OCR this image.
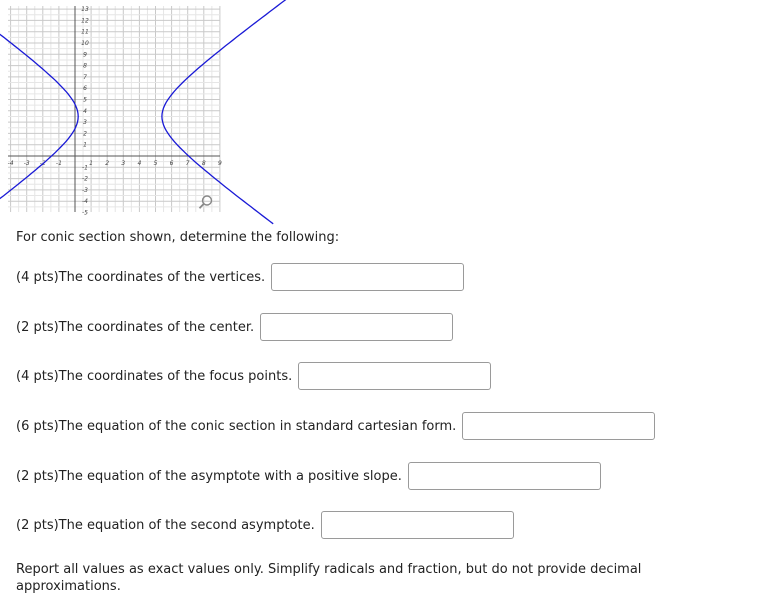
-4 -3 -2 -1	1 2 3 4 5 6 7 8 9
13
12
11
10
9
8
7
6
5
4
3
2
1
-1
-2
-3
-4
-5
For conic section shown, determine the following:
(4 pts)The coordinates of the vertices.
(2 pts)The coordinates of the center.
(4 pts)The coordinates of the focus points.
(6 pts)The equation of the conic section in standard cartesian form.
(2 pts)The equation of the asymptote with a positive slope.
(2 pts)The equation of the second asymptote.
Report all values as exact values only. Simplify radicals and fraction, but do not provide decimal approximations.
